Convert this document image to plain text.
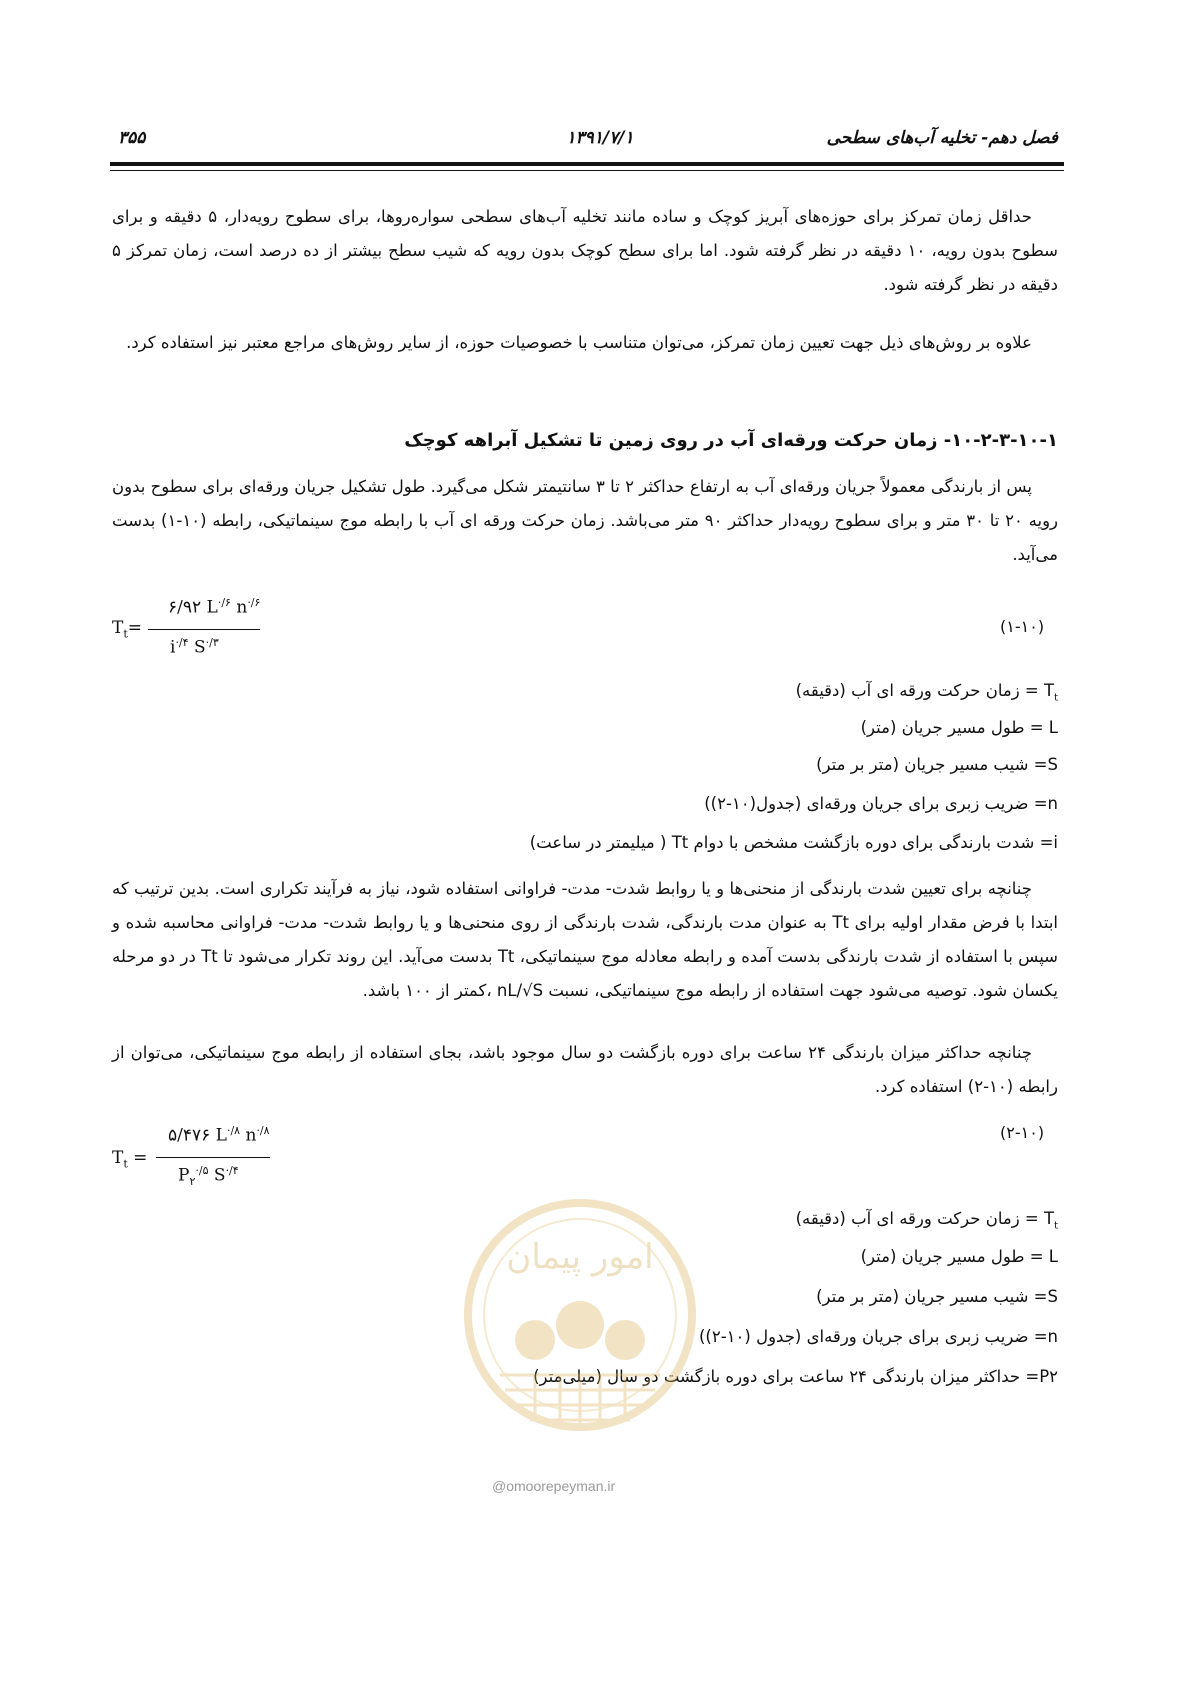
فصل دهم- تخلیه آب‌های سطحی
۱۳۹۱/۷/۱
۳۵۵
حداقل زمان تمرکز برای حوزه‌های آبریز کوچک و ساده مانند تخلیه آب‌های سطحی سواره‌روها، برای سطوح رویه‌دار، ۵ دقیقه و برای سطوح بدون رویه، ۱۰ دقیقه در نظر گرفته شود. اما برای سطح کوچک بدون رویه که شیب سطح بیشتر از ده درصد است، زمان تمرکز ۵ دقیقه در نظر گرفته شود.
علاوه بر روش‌های ذیل جهت تعیین زمان تمرکز، می‌توان متناسب با خصوصیات حوزه، از سایر روش‌های مراجع معتبر نیز استفاده کرد.
۱۰-۲-۳-۱۰-۱- زمان حرکت ورقه‌ای آب در روی زمین تا تشکیل آبراهه کوچک
پس از بارندگی معمولاً جریان ورقه‌ای آب به ارتفاع حداکثر ۲ تا ۳ سانتیمتر شکل می‌گیرد. طول تشکیل جریان ورقه‌ای برای سطوح بدون رویه ۲۰ تا ۳۰ متر و برای سطوح رویه‌دار حداکثر ۹۰ متر می‌باشد. زمان حرکت ورقه ای آب با رابطه موج سینماتیکی، رابطه (۱۰-۱) بدست می‌آید.
$T_t=$
۶/۹۲ $L^{\cdot/۶}$ $n^{\cdot/۶}$
$i^{\cdot/۴}$ $S^{\cdot/۳}$
(۱-۱۰)
$T_t$ = زمان حرکت ورقه ای آب (دقیقه)
L = طول مسیر جریان (متر)
S= شیب مسیر جریان (متر بر متر)
n= ضریب زبری برای جریان ورقه‌ای (جدول(۱۰-۲))
i= شدت بارندگی برای دوره بازگشت مشخص با دوام Tt ( میلیمتر در ساعت)
چنانچه برای تعیین شدت بارندگی از منحنی‌ها و یا روابط شدت- مدت- فراوانی استفاده شود، نیاز به فرآیند تکراری است. بدین ترتیب که ابتدا با فرض مقدار اولیه برای Tt به عنوان مدت بارندگی، شدت بارندگی از روی منحنی‌ها و یا روابط شدت- مدت- فراوانی محاسبه شده و سپس با استفاده از شدت بارندگی بدست آمده و رابطه معادله موج سینماتیکی، Tt بدست می‌آید. این روند تکرار می‌شود تا Tt در دو مرحله یکسان شود. توصیه می‌شود جهت استفاده از رابطه موج سینماتیکی، نسبت nL/√S ،کمتر از ۱۰۰ باشد.
چنانچه حداکثر میزان بارندگی ۲۴ ساعت برای دوره بازگشت دو سال موجود باشد، بجای استفاده از رابطه موج سینماتیکی، می‌توان از رابطه (۱۰-۲) استفاده کرد.
$T_t$ =
۵/۴۷۶ $L^{\cdot/۸}$ $n^{\cdot/۸}$
$P_۲^{\cdot/۵}$ $S^{\cdot/۴}$
(۲-۱۰)
$T_t$ = زمان حرکت ورقه ای آب (دقیقه)
L = طول مسیر جریان (متر)
S= شیب مسیر جریان (متر بر متر)
n= ضریب زبری برای جریان ورقه‌ای (جدول (۱۰-۲))
P۲= حداکثر میزان بارندگی ۲۴ ساعت برای دوره بازگشت دو سال (میلی‌متر)
امور پیمان
@omoorepeyman.ir
